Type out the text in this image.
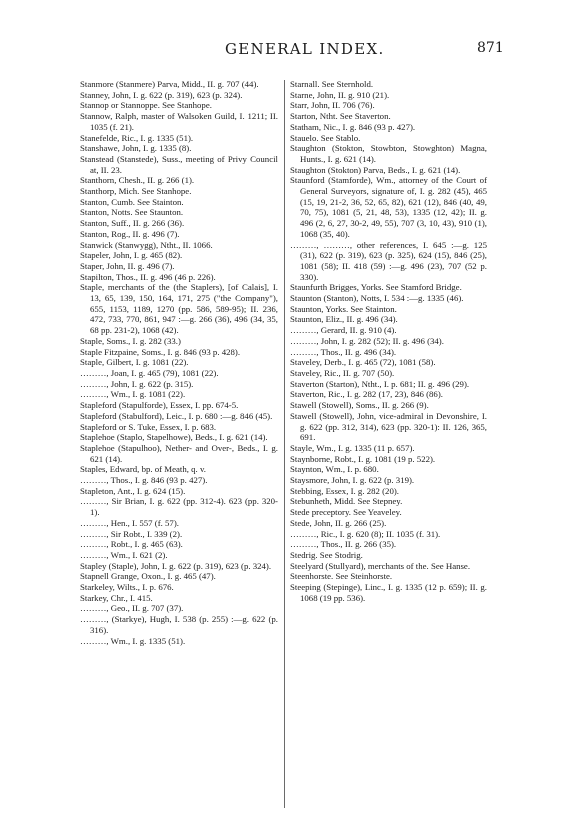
GENERAL INDEX.	871

Stanmore (Stanmere) Parva, Midd., II. g. 707 (44).

Stanney, John, I. g. 622 (p. 319), 623 (p. 324).

Stannop or Stannoppe. See Stanhope.

Stannow, Ralph, master of Walsoken Guild, I. 1211; II. 1035 (f. 21).

Stanefelde, Ric., I. g. 1335 (51).

Stanshawe, John, I. g. 1335 (8).

Stanstead (Stanstede), Suss., meeting of Privy Council at, II. 23.

Stanthorn, Chesh., II. g. 266 (1).

Stanthorp, Mich. See Stanhope.

Stanton, Cumb. See Stainton.

Stanton, Notts. See Staunton.

Stanton, Suff., II. g. 266 (36).

Stanton, Rog., II. g. 496 (7).

Stanwick (Stanwygg), Ntht., II. 1066.

Stapeler, John, I. g. 465 (82).

Staper, John, II. g. 496 (7).

Stapilton, Thos., II. g. 496 (46 p. 226).

Staple, merchants of the (the Staplers), [of Calais], I. 13, 65, 139, 150, 164, 171, 275 ("the Company"), 655, 1153, 1189, 1270 (pp. 586, 589-95); II. 236, 472, 733, 770, 861, 947 :—g. 266 (36), 496 (34, 35, 68 pp. 231-2), 1068 (42).

Staple, Soms., I. g. 282 (33.)

Staple Fitzpaine, Soms., I. g. 846 (93 p. 428).

Staple, Gilbert, I. g. 1081 (22).

………, Joan, I. g. 465 (79), 1081 (22).

………, John, I. g. 622 (p. 315).

………, Wm., I. g. 1081 (22).

Stapleford (Stapulforde), Essex, I. pp. 674-5.

Stapleford (Stabulford), Leic., I. p. 680 :—g. 846 (45).

Stapleford or S. Tuke, Essex, I. p. 683.

Staplehoe (Staplo, Stapelhowe), Beds., I. g. 621 (14).

Staplehoe (Stapulhoo), Nether- and Over-, Beds., I. g. 621 (14).

Staples, Edward, bp. of Meath, q. v.

………, Thos., I. g. 846 (93 p. 427).

Stapleton, Ant., I. g. 624 (15).

………, Sir Brian, I. g. 622 (pp. 312-4). 623 (pp. 320-1).

………, Hen., I. 557 (f. 57).

………, Sir Robt., I. 339 (2).

………, Robt., I. g. 465 (63).

………, Wm., I. 621 (2).

Stapley (Staple), John, I. g. 622 (p. 319), 623 (p. 324).

Stapnell Grange, Oxon., I. g. 465 (47).

Starkeley, Wilts., I. p. 676.

Starkey, Chr., I. 415.

………, Geo., II. g. 707 (37).

………, (Starkye), Hugh, I. 538 (p. 255) :—g. 622 (p. 316).

………, Wm., I. g. 1335 (51).

Starnall. See Sternhold.

Starne, John, II. g. 910 (21).

Starr, John, II. 706 (76).

Starton, Ntht. See Staverton.

Statham, Nic., I. g. 846 (93 p. 427).

Stauelo. See Stablo.

Staughton (Stokton, Stowbton, Stowghton) Magna, Hunts., I. g. 621 (14).

Staughton (Stokton) Parva, Beds., I. g. 621 (14).

Staunford (Stamforde), Wm., attorney of the Court of General Surveyors, signature of, I. g. 282 (45), 465 (15, 19, 21-2, 36, 52, 65, 82), 621 (12), 846 (40, 49, 70, 75), 1081 (5, 21, 48, 53), 1335 (12, 42); II. g. 496 (2, 6, 27, 30-2, 49, 55), 707 (3, 10, 43), 910 (1), 1068 (35, 40).

………, ………, other references, I. 645 :—g. 125 (31), 622 (p. 319), 623 (p. 325), 624 (15), 846 (25), 1081 (58); II. 418 (59) :—g. 496 (23), 707 (52 p. 330).

Staunfurth Brigges, Yorks. See Stamford Bridge.

Staunton (Stanton), Notts, I. 534 :—g. 1335 (46).

Staunton, Yorks. See Stainton.

Staunton, Eliz., II. g. 496 (34).

………, Gerard, II. g. 910 (4).

………, John, I. g. 282 (52); II. g. 496 (34).

………, Thos., II. g. 496 (34).

Staveley, Derb., I. g. 465 (72), 1081 (58).

Staveley, Ric., II. g. 707 (50).

Staverton (Starton), Ntht., I. p. 681; II. g. 496 (29).

Staverton, Ric., I. g. 282 (17, 23), 846 (86).

Stawell (Stowell), Soms., II. g. 266 (9).

Stawell (Stowell), John, vice-admiral in Devonshire, I. g. 622 (pp. 312, 314), 623 (pp. 320-1): II. 126, 365, 691.

Stayle, Wm., I. g. 1335 (11 p. 657).

Staynborne, Robt., I. g. 1081 (19 p. 522).

Staynton, Wm., I. p. 680.

Staysmore, John, I. g. 622 (p. 319).

Stebbing, Essex, I. g. 282 (20).

Stebunheth, Midd. See Stepney.

Stede preceptory. See Yeaveley.

Stede, John, II. g. 266 (25).

………, Ric., I. g. 620 (8); II. 1035 (f. 31).

………, Thos., II. g. 266 (35).

Stedrig. See Stodrig.

Steelyard (Stullyard), merchants of the. See Hanse.

Steenhorste. See Steinhorste.

Steeping (Stepinge), Linc., I. g. 1335 (12 p. 659); II. g. 1068 (19 pp. 536).
